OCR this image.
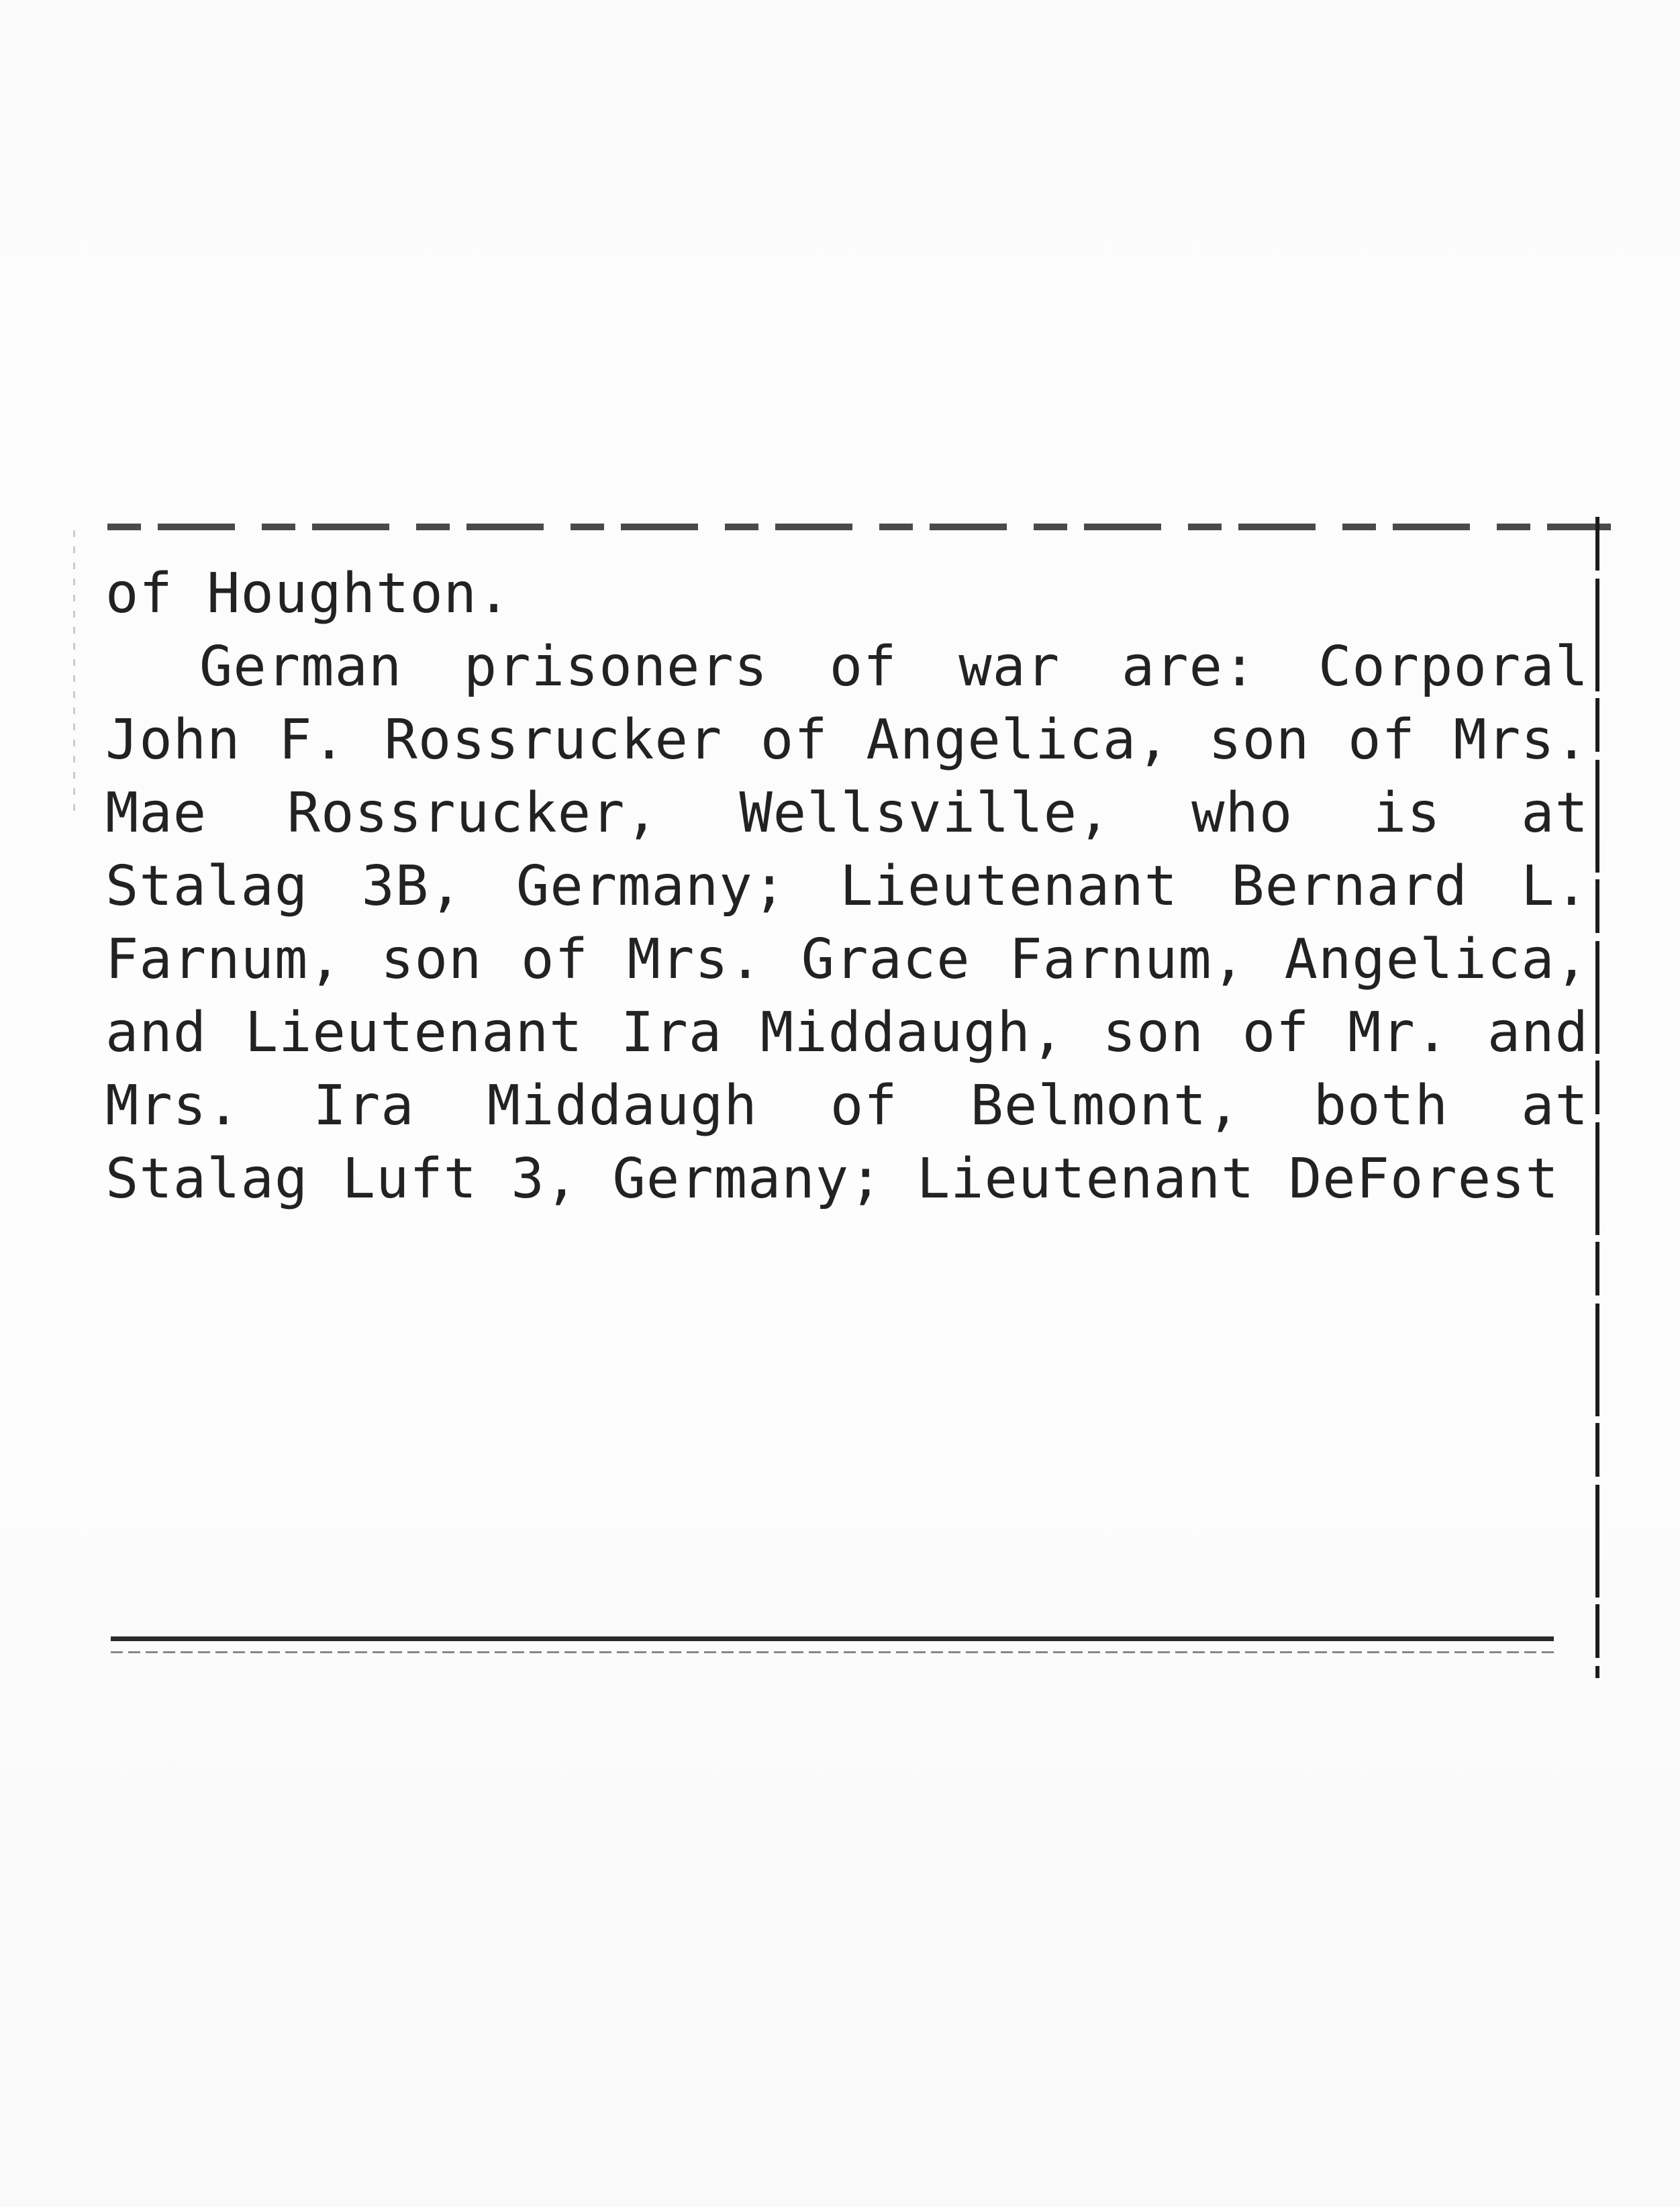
of Houghton.

German prisoners of war are: Corporal John F. Rossrucker of Angelica, son of Mrs. Mae Rossrucker, Wellsville, who is at Stalag 3B, Germany; Lieutenant Bernard L. Farnum, son of Mrs. Grace Farnum, Angelica, and Lieutenant Ira Middaugh, son of Mr. and Mrs. Ira Middaugh of Belmont, both at Stalag Luft 3, Germany; Lieutenant DeForest
